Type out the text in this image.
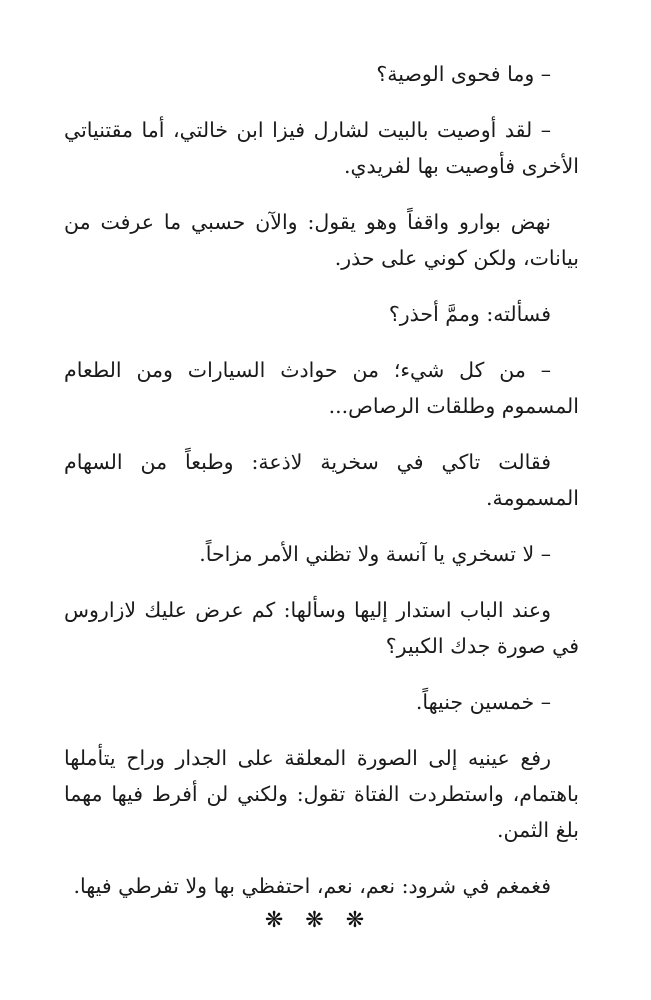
– وما فحوى الوصية؟

– لقد أوصيت بالبيت لشارل فيزا ابن خالتي، أما مقتنياتي الأخرى فأوصيت بها لفريدي.

نهض بوارو واقفاً وهو يقول: والآن حسبي ما عرفت من بيانات، ولكن كوني على حذر.

فسألته: وممَّ أحذر؟

– من كل شيء؛ من حوادث السيارات ومن الطعام المسموم وطلقات الرصاص...

فقالت تاكي في سخرية لاذعة: وطبعاً من السهام المسمومة.

– لا تسخري يا آنسة ولا تظني الأمر مزاحاً.

وعند الباب استدار إليها وسألها: كم عرض عليك لازاروس في صورة جدك الكبير؟

– خمسين جنيهاً.

رفع عينيه إلى الصورة المعلقة على الجدار وراح يتأملها باهتمام، واستطردت الفتاة تقول: ولكني لن أفرط فيها مهما بلغ الثمن.

فغمغم في شرود: نعم، نعم، احتفظي بها ولا تفرطي فيها.

❋❋❋
